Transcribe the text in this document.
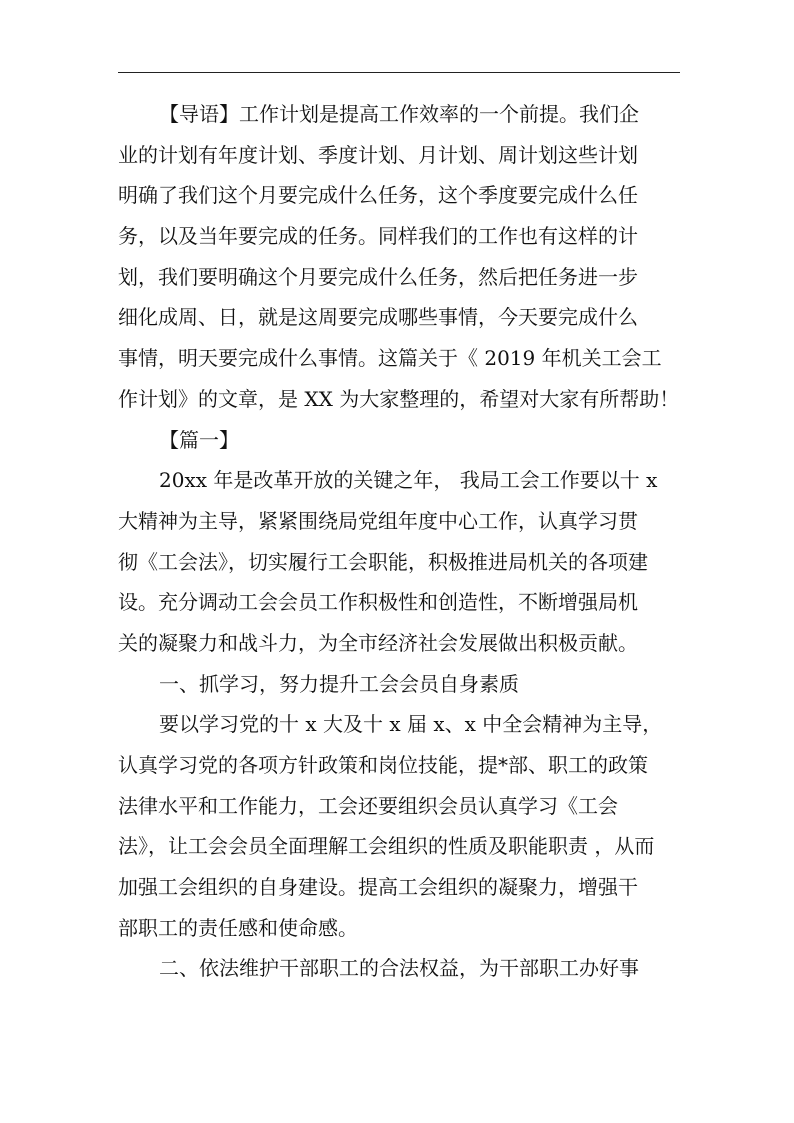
【导语】工作计划是提高工作效率的一个前提。我们企
业的计划有年度计划、季度计划、月计划、周计划这些计划
明确了我们这个月要完成什么任务，这个季度要完成什么任
务，以及当年要完成的任务。同样我们的工作也有这样的计
划，我们要明确这个月要完成什么任务，然后把任务进一步
细化成周、日，就是这周要完成哪些事情，今天要完成什么
事情，明天要完成什么事情。这篇关于《 2019 年机关工会工
作计划》的文章，是 XX 为大家整理的，希望对大家有所帮助！
【篇一】
20xx 年是改革开放的关键之年， 我局工会工作要以十 x
大精神为主导，紧紧围绕局党组年度中心工作，认真学习贯
彻《工会法》，切实履行工会职能，积极推进局机关的各项建
设。充分调动工会会员工作积极性和创造性，不断增强局机
关的凝聚力和战斗力，为全市经济社会发展做出积极贡献。
一、抓学习，努力提升工会会员自身素质
要以学习党的十 x 大及十 x 届 x、x 中全会精神为主导，
认真学习党的各项方针政策和岗位技能，提*部、职工的政策
法律水平和工作能力，工会还要组织会员认真学习《工会
法》，让工会会员全面理解工会组织的性质及职能职责 ，从而
加强工会组织的自身建设。提高工会组织的凝聚力，增强干
部职工的责任感和使命感。
二、依法维护干部职工的合法权益，为干部职工办好事
